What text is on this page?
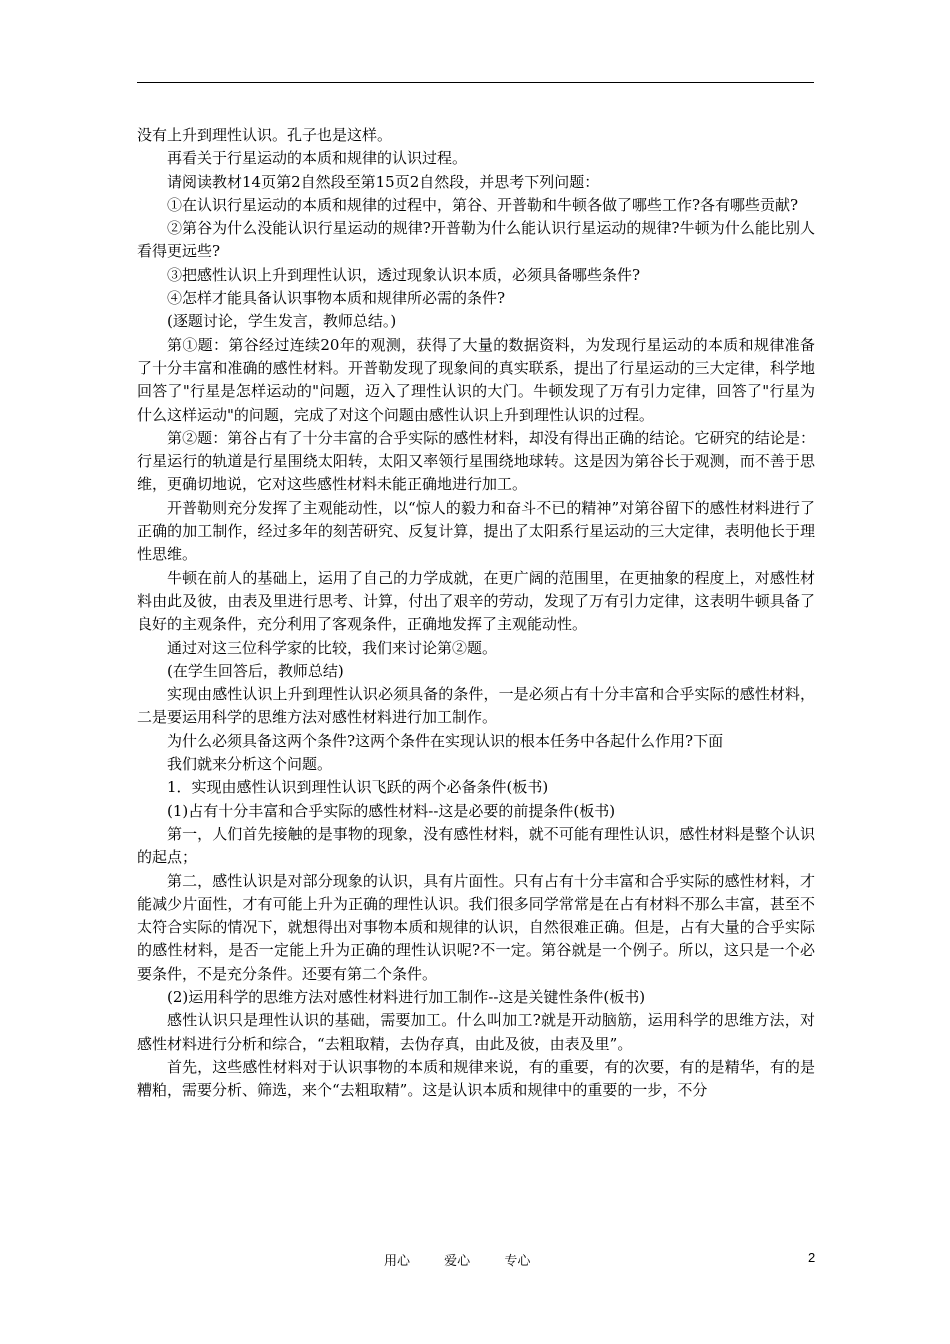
没有上升到理性认识。孔子也是这样。

再看关于行星运动的本质和规律的认识过程。

请阅读教材14页第2自然段至第15页2自然段，并思考下列问题：

①在认识行星运动的本质和规律的过程中，第谷、开普勒和牛顿各做了哪些工作?各有哪些贡献?

②第谷为什么没能认识行星运动的规律?开普勒为什么能认识行星运动的规律?牛顿为什么能比别人看得更远些?

③把感性认识上升到理性认识，透过现象认识本质，必须具备哪些条件?

④怎样才能具备认识事物本质和规律所必需的条件?

(逐题讨论，学生发言，教师总结。)

第①题：第谷经过连续20年的观测，获得了大量的数据资料，为发现行星运动的本质和规律准备了十分丰富和准确的感性材料。开普勒发现了现象间的真实联系，提出了行星运动的三大定律，科学地回答了"行星是怎样运动的"问题，迈入了理性认识的大门。牛顿发现了万有引力定律，回答了"行星为什么这样运动"的问题，完成了对这个问题由感性认识上升到理性认识的过程。

第②题：第谷占有了十分丰富的合乎实际的感性材料，却没有得出正确的结论。它研究的结论是：行星运行的轨道是行星围绕太阳转，太阳又率领行星围绕地球转。这是因为第谷长于观测，而不善于思维，更确切地说，它对这些感性材料未能正确地进行加工。

开普勒则充分发挥了主观能动性，以“惊人的毅力和奋斗不已的精神”对第谷留下的感性材料进行了正确的加工制作，经过多年的刻苦研究、反复计算，提出了太阳系行星运动的三大定律，表明他长于理性思维。

牛顿在前人的基础上，运用了自己的力学成就，在更广阔的范围里，在更抽象的程度上，对感性材料由此及彼，由表及里进行思考、计算，付出了艰辛的劳动，发现了万有引力定律，这表明牛顿具备了良好的主观条件，充分利用了客观条件，正确地发挥了主观能动性。

通过对这三位科学家的比较，我们来讨论第②题。

(在学生回答后，教师总结)

实现由感性认识上升到理性认识必须具备的条件，一是必须占有十分丰富和合乎实际的感性材料，二是要运用科学的思维方法对感性材料进行加工制作。

为什么必须具备这两个条件?这两个条件在实现认识的根本任务中各起什么作用?下面

我们就来分析这个问题。

1．实现由感性认识到理性认识飞跃的两个必备条件(板书)

(1)占有十分丰富和合乎实际的感性材料--这是必要的前提条件(板书)

第一，人们首先接触的是事物的现象，没有感性材料，就不可能有理性认识，感性材料是整个认识的起点；

第二，感性认识是对部分现象的认识，具有片面性。只有占有十分丰富和合乎实际的感性材料，才能减少片面性，才有可能上升为正确的理性认识。我们很多同学常常是在占有材料不那么丰富，甚至不太符合实际的情况下，就想得出对事物本质和规律的认识，自然很难正确。但是，占有大量的合乎实际的感性材料，是否一定能上升为正确的理性认识呢?不一定。第谷就是一个例子。所以，这只是一个必要条件，不是充分条件。还要有第二个条件。

(2)运用科学的思维方法对感性材料进行加工制作--这是关键性条件(板书)

感性认识只是理性认识的基础，需要加工。什么叫加工?就是开动脑筋，运用科学的思维方法，对感性材料进行分析和综合，“去粗取精，去伪存真，由此及彼，由表及里”。

首先，这些感性材料对于认识事物的本质和规律来说，有的重要，有的次要，有的是精华，有的是糟粕，需要分析、筛选，来个“去粗取精”。这是认识本质和规律中的重要的一步，不分

用心	爱心	专心	2
